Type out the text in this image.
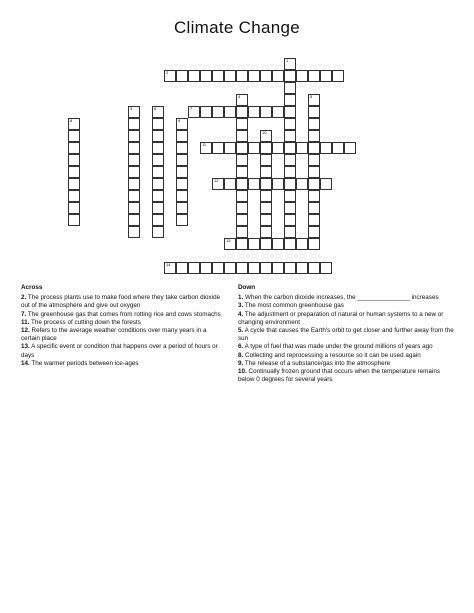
Climate Change
2
1
3
4	5
6	7
8	9
10
11
12
13
14
Across
2. The process plants use to make food where they take carbon dioxide out of the atmosphere and give out oxygen
7. The greenhouse gas that comes from rotting rice and cows stomachs
11. The process of cutting down the forests
12. Refers to the average weather conditions over many years in a certain place
13. A specific event or condition that happens over a period of hours or days
14. The warmer periods between ice-ages
Down
1. When the carbon dioxide increases, the _______________ increases
3. The most common greenhouse gas
4. The adjustment or preparation of natural or human systems to a new or changing environment
5. A cycle that causes the Earth's orbit to get closer and further away from the sun
6. A type of fuel that was made under the ground millions of years ago
8. Collecting and reprocessing a resource so it can be used again
9. The release of a substance/gas into the atmosphere
10. Continually frozen ground that occurs when the temperature remains below 0 degrees for several years
